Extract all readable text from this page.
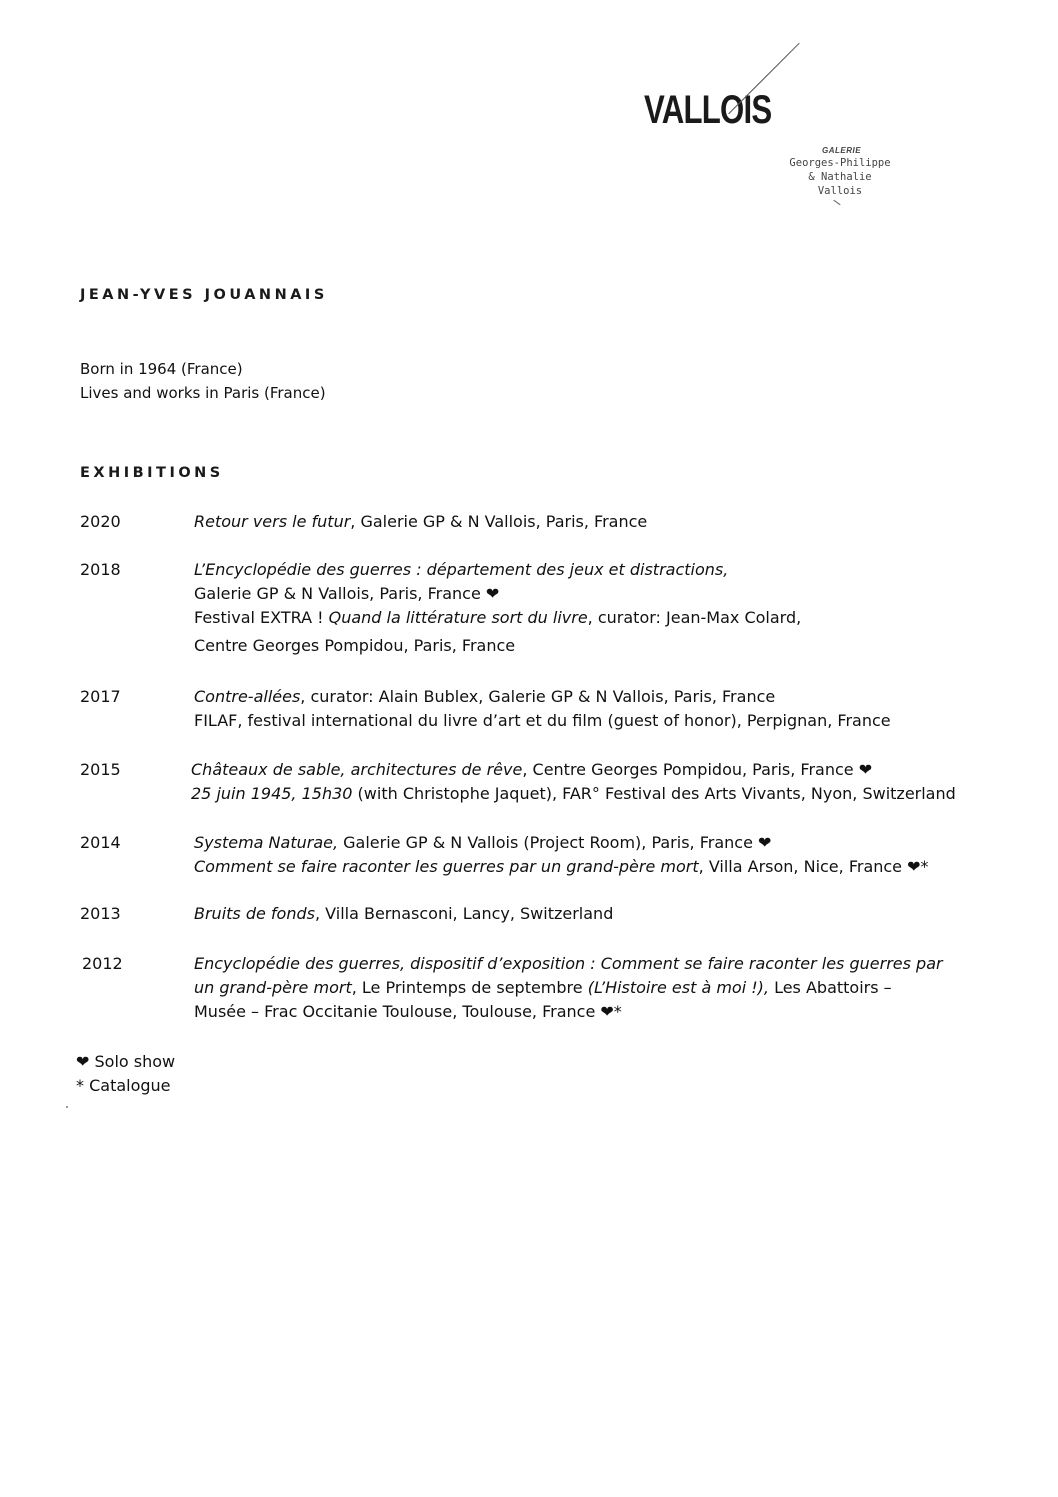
VALLOIS
GALERIE
Georges-Philippe
& Nathalie
Vallois
JEAN-YVES JOUANNAIS
Born in 1964 (France)
Lives and works in Paris (France)
EXHIBITIONS
2020	Retour vers le futur, Galerie GP & N Vallois, Paris, France
2018	L’Encyclopédie des guerres : département des jeux et distractions,
Galerie GP & N Vallois, Paris, France ❤
Festival EXTRA ! Quand la littérature sort du livre, curator: Jean-Max Colard,
Centre Georges Pompidou, Paris, France
2017	Contre-allées, curator: Alain Bublex, Galerie GP & N Vallois, Paris, France
FILAF, festival international du livre d’art et du film (guest of honor), Perpignan, France
2015	Châteaux de sable, architectures de rêve, Centre Georges Pompidou, Paris, France ❤
25 juin 1945, 15h30 (with Christophe Jaquet), FAR° Festival des Arts Vivants, Nyon, Switzerland
2014	Systema Naturae, Galerie GP & N Vallois (Project Room), Paris, France ❤
Comment se faire raconter les guerres par un grand-père mort, Villa Arson, Nice, France ❤*
2013	Bruits de fonds, Villa Bernasconi, Lancy, Switzerland
2012	Encyclopédie des guerres, dispositif d’exposition : Comment se faire raconter les guerres par
un grand-père mort, Le Printemps de septembre (L’Histoire est à moi !), Les Abattoirs –
Musée – Frac Occitanie Toulouse, Toulouse, France ❤*
❤ Solo show
* Catalogue
